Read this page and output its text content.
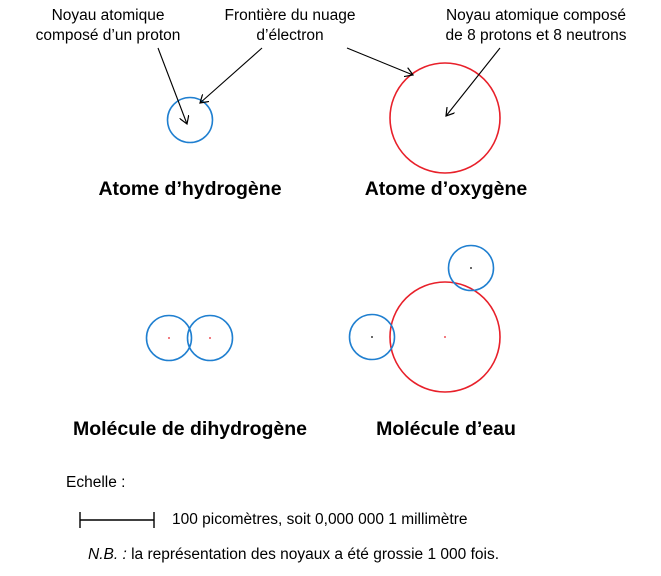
Noyau atomique
composé d’un proton
Frontière du nuage
d’électron
Noyau atomique composé
de 8 protons et 8 neutrons
Atome d’hydrogène	Atome d’oxygène
Molécule de dihydrogène	Molécule d’eau
Echelle :
100 picomètres, soit 0,000 000 1 millimètre
N.B. : la représentation des noyaux a été grossie 1 000 fois.
